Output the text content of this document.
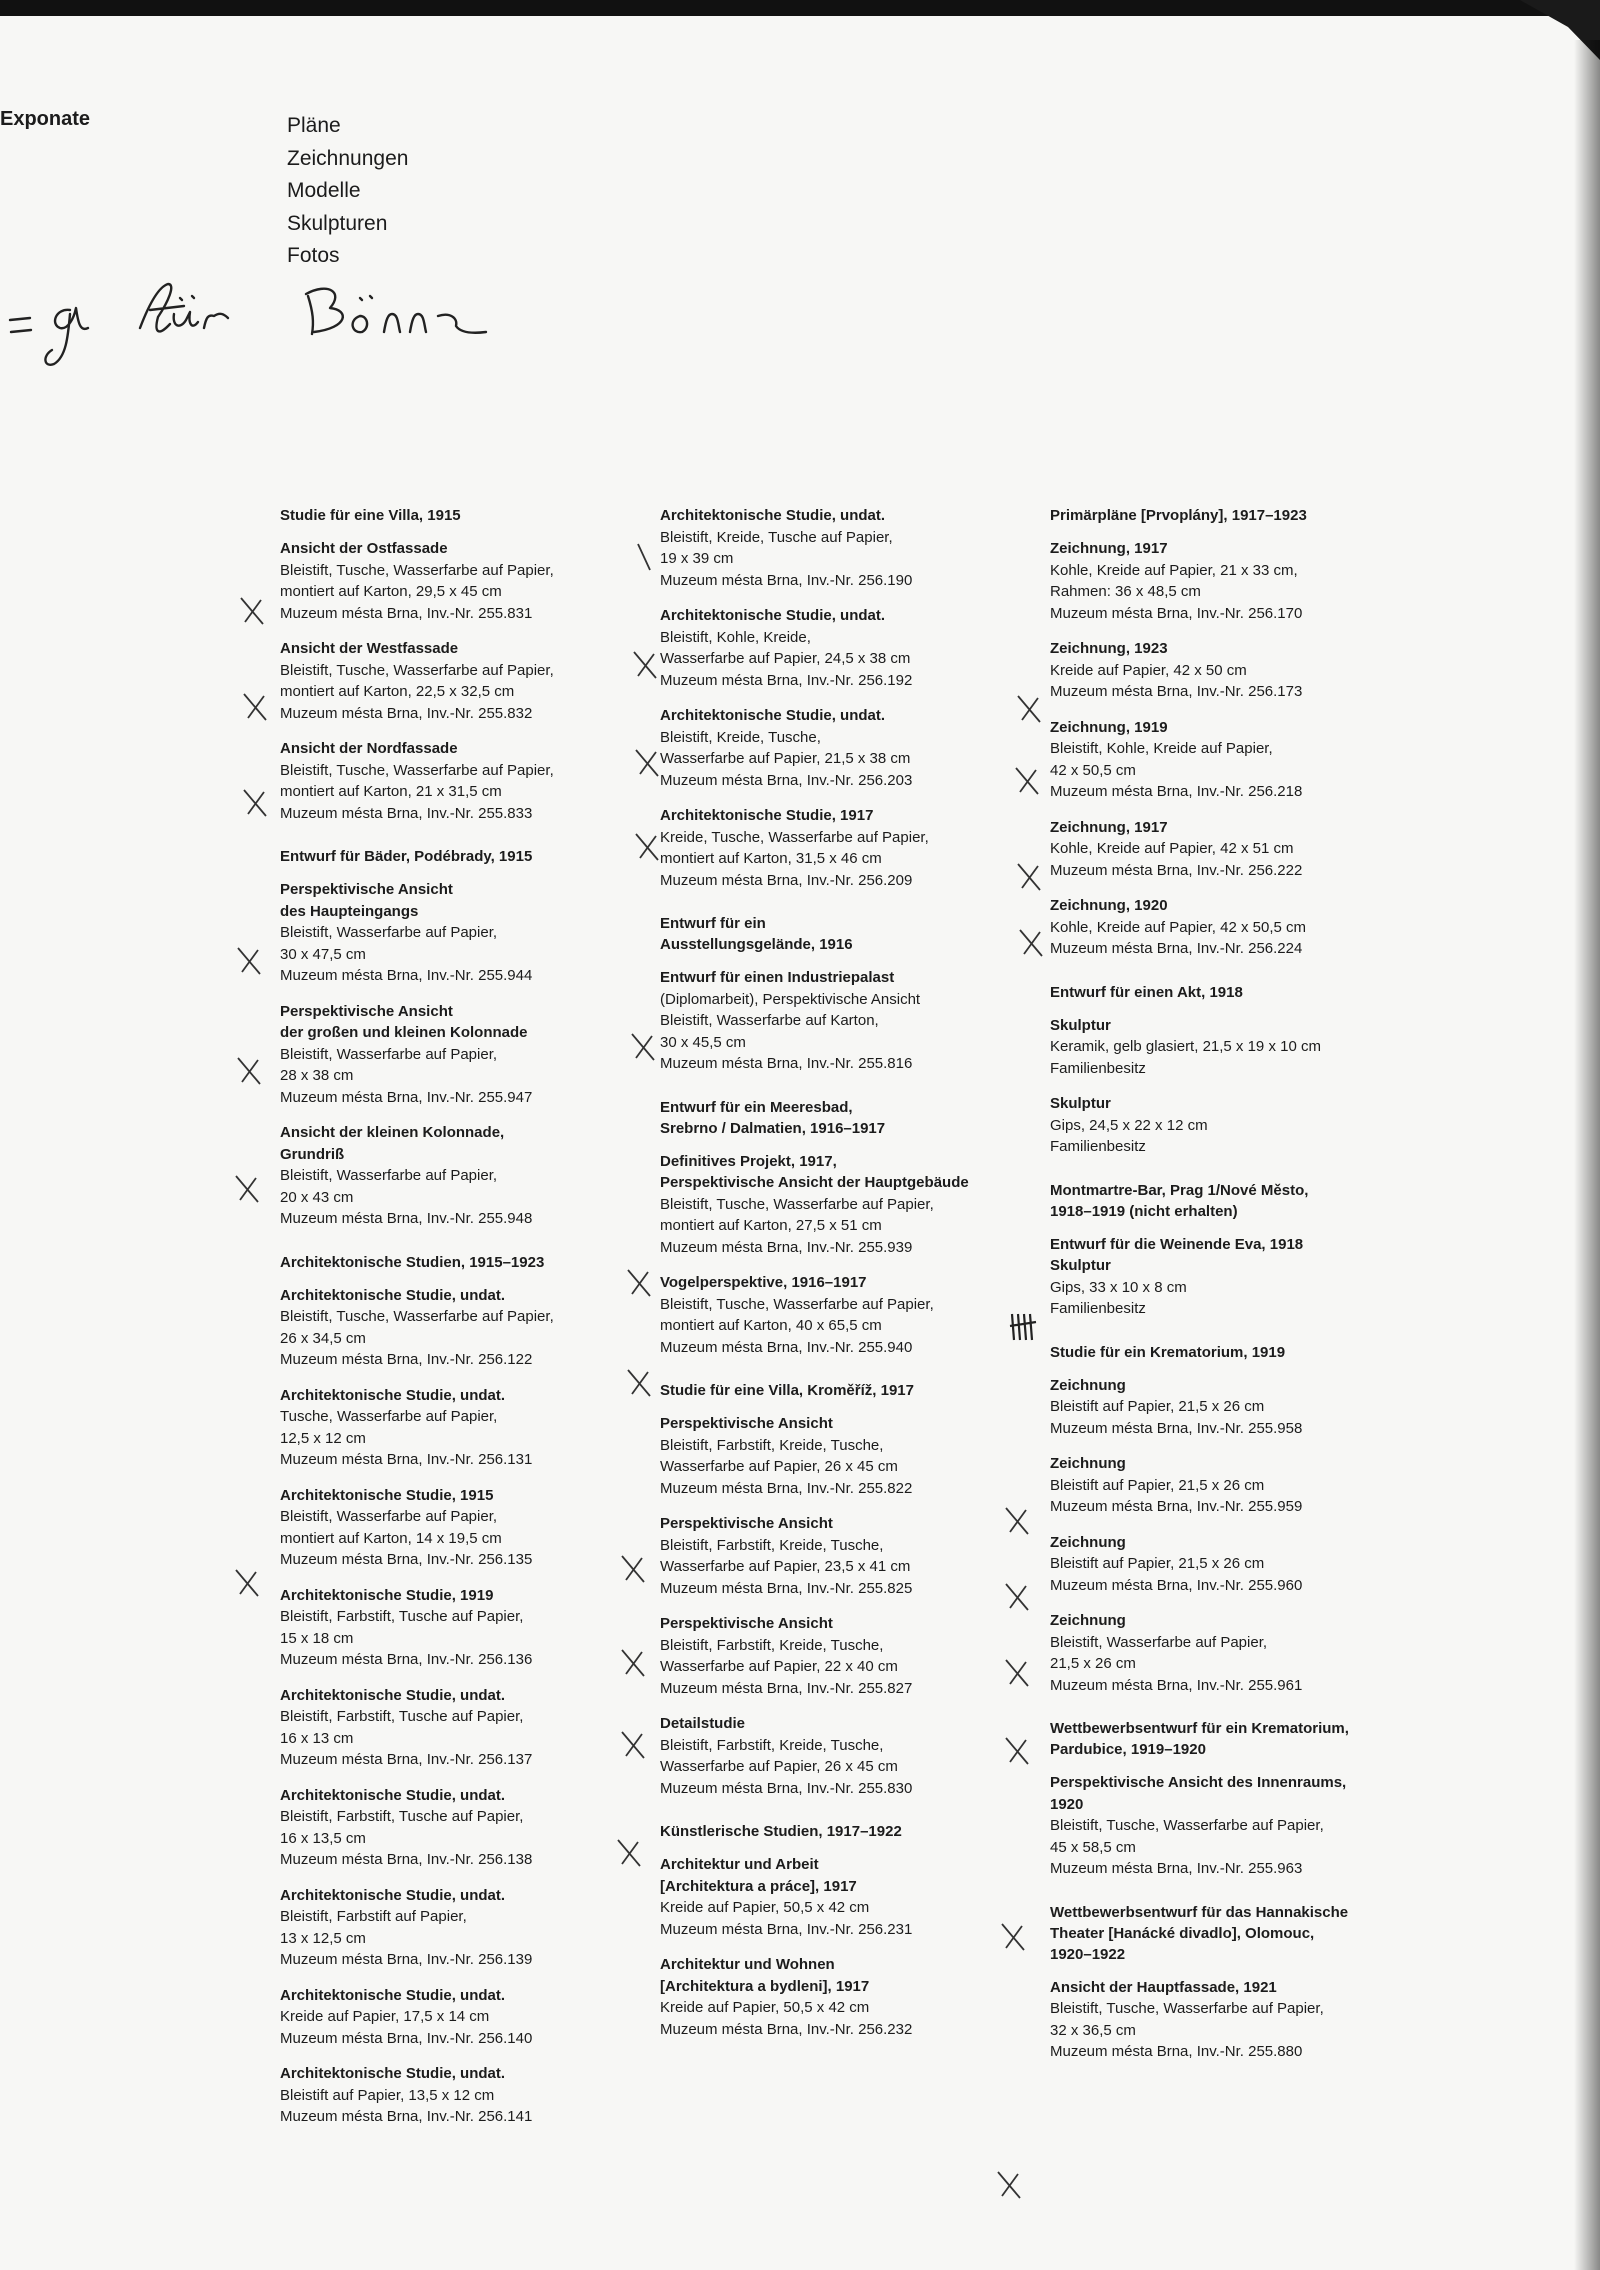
Exponate	Pläne
Zeichnungen
Modelle
Skulpturen
Fotos
Studie für eine Villa, 1915
Ansicht der Ostfassade
Bleistift, Tusche, Wasserfarbe auf Papier,
montiert auf Karton, 29,5 x 45 cm
Muzeum mésta Brna, Inv.-Nr. 255.831
Ansicht der Westfassade
Bleistift, Tusche, Wasserfarbe auf Papier,
montiert auf Karton, 22,5 x 32,5 cm
Muzeum mésta Brna, Inv.-Nr. 255.832
Ansicht der Nordfassade
Bleistift, Tusche, Wasserfarbe auf Papier,
montiert auf Karton, 21 x 31,5 cm
Muzeum mésta Brna, Inv.-Nr. 255.833
Entwurf für Bäder, Podébrady, 1915
Perspektivische Ansicht
des Haupteingangs
Bleistift, Wasserfarbe auf Papier,
30 x 47,5 cm
Muzeum mésta Brna, Inv.-Nr. 255.944
Perspektivische Ansicht
der großen und kleinen Kolonnade
Bleistift, Wasserfarbe auf Papier,
28 x 38 cm
Muzeum mésta Brna, Inv.-Nr. 255.947
Ansicht der kleinen Kolonnade,
Grundriß
Bleistift, Wasserfarbe auf Papier,
20 x 43 cm
Muzeum mésta Brna, Inv.-Nr. 255.948
Architektonische Studien, 1915–1923
Architektonische Studie, undat.
Bleistift, Tusche, Wasserfarbe auf Papier,
26 x 34,5 cm
Muzeum mésta Brna, Inv.-Nr. 256.122
Architektonische Studie, undat.
Tusche, Wasserfarbe auf Papier,
12,5 x 12 cm
Muzeum mésta Brna, Inv.-Nr. 256.131
Architektonische Studie, 1915
Bleistift, Wasserfarbe auf Papier,
montiert auf Karton, 14 x 19,5 cm
Muzeum mésta Brna, Inv.-Nr. 256.135
Architektonische Studie, 1919
Bleistift, Farbstift, Tusche auf Papier,
15 x 18 cm
Muzeum mésta Brna, Inv.-Nr. 256.136
Architektonische Studie, undat.
Bleistift, Farbstift, Tusche auf Papier,
16 x 13 cm
Muzeum mésta Brna, Inv.-Nr. 256.137
Architektonische Studie, undat.
Bleistift, Farbstift, Tusche auf Papier,
16 x 13,5 cm
Muzeum mésta Brna, Inv.-Nr. 256.138
Architektonische Studie, undat.
Bleistift, Farbstift auf Papier,
13 x 12,5 cm
Muzeum mésta Brna, Inv.-Nr. 256.139
Architektonische Studie, undat.
Kreide auf Papier, 17,5 x 14 cm
Muzeum mésta Brna, Inv.-Nr. 256.140
Architektonische Studie, undat.
Bleistift auf Papier, 13,5 x 12 cm
Muzeum mésta Brna, Inv.-Nr. 256.141
Architektonische Studie, undat.
Bleistift, Kreide, Tusche auf Papier,
19 x 39 cm
Muzeum mésta Brna, Inv.-Nr. 256.190
Architektonische Studie, undat.
Bleistift, Kohle, Kreide,
Wasserfarbe auf Papier, 24,5 x 38 cm
Muzeum mésta Brna, Inv.-Nr. 256.192
Architektonische Studie, undat.
Bleistift, Kreide, Tusche,
Wasserfarbe auf Papier, 21,5 x 38 cm
Muzeum mésta Brna, Inv.-Nr. 256.203
Architektonische Studie, 1917
Kreide, Tusche, Wasserfarbe auf Papier,
montiert auf Karton, 31,5 x 46 cm
Muzeum mésta Brna, Inv.-Nr. 256.209
Entwurf für ein
Ausstellungsgelände, 1916
Entwurf für einen Industriepalast
(Diplomarbeit), Perspektivische Ansicht
Bleistift, Wasserfarbe auf Karton,
30 x 45,5 cm
Muzeum mésta Brna, Inv.-Nr. 255.816
Entwurf für ein Meeresbad,
Srebrno / Dalmatien, 1916–1917
Definitives Projekt, 1917,
Perspektivische Ansicht der Hauptgebäude
Bleistift, Tusche, Wasserfarbe auf Papier,
montiert auf Karton, 27,5 x 51 cm
Muzeum mésta Brna, Inv.-Nr. 255.939
Vogelperspektive, 1916–1917
Bleistift, Tusche, Wasserfarbe auf Papier,
montiert auf Karton, 40 x 65,5 cm
Muzeum mésta Brna, Inv.-Nr. 255.940
Studie für eine Villa, Kroměříž, 1917
Perspektivische Ansicht
Bleistift, Farbstift, Kreide, Tusche,
Wasserfarbe auf Papier, 26 x 45 cm
Muzeum mésta Brna, Inv.-Nr. 255.822
Perspektivische Ansicht
Bleistift, Farbstift, Kreide, Tusche,
Wasserfarbe auf Papier, 23,5 x 41 cm
Muzeum mésta Brna, Inv.-Nr. 255.825
Perspektivische Ansicht
Bleistift, Farbstift, Kreide, Tusche,
Wasserfarbe auf Papier, 22 x 40 cm
Muzeum mésta Brna, Inv.-Nr. 255.827
Detailstudie
Bleistift, Farbstift, Kreide, Tusche,
Wasserfarbe auf Papier, 26 x 45 cm
Muzeum mésta Brna, Inv.-Nr. 255.830
Künstlerische Studien, 1917–1922
Architektur und Arbeit
[Architektura a práce], 1917
Kreide auf Papier, 50,5 x 42 cm
Muzeum mésta Brna, Inv.-Nr. 256.231
Architektur und Wohnen
[Architektura a bydleni], 1917
Kreide auf Papier, 50,5 x 42 cm
Muzeum mésta Brna, Inv.-Nr. 256.232
Primärpläne [Prvoplány], 1917–1923
Zeichnung, 1917
Kohle, Kreide auf Papier, 21 x 33 cm,
Rahmen: 36 x 48,5 cm
Muzeum mésta Brna, Inv.-Nr. 256.170
Zeichnung, 1923
Kreide auf Papier, 42 x 50 cm
Muzeum mésta Brna, Inv.-Nr. 256.173
Zeichnung, 1919
Bleistift, Kohle, Kreide auf Papier,
42 x 50,5 cm
Muzeum mésta Brna, Inv.-Nr. 256.218
Zeichnung, 1917
Kohle, Kreide auf Papier, 42 x 51 cm
Muzeum mésta Brna, Inv.-Nr. 256.222
Zeichnung, 1920
Kohle, Kreide auf Papier, 42 x 50,5 cm
Muzeum mésta Brna, Inv.-Nr. 256.224
Entwurf für einen Akt, 1918
Skulptur
Keramik, gelb glasiert, 21,5 x 19 x 10 cm
Familienbesitz
Skulptur
Gips, 24,5 x 22 x 12 cm
Familienbesitz
Montmartre-Bar, Prag 1/Nové Město,
1918–1919 (nicht erhalten)
Entwurf für die Weinende Eva, 1918
Skulptur
Gips, 33 x 10 x 8 cm
Familienbesitz
Studie für ein Krematorium, 1919
Zeichnung
Bleistift auf Papier, 21,5 x 26 cm
Muzeum mésta Brna, Inv.-Nr. 255.958
Zeichnung
Bleistift auf Papier, 21,5 x 26 cm
Muzeum mésta Brna, Inv.-Nr. 255.959
Zeichnung
Bleistift auf Papier, 21,5 x 26 cm
Muzeum mésta Brna, Inv.-Nr. 255.960
Zeichnung
Bleistift, Wasserfarbe auf Papier,
21,5 x 26 cm
Muzeum mésta Brna, Inv.-Nr. 255.961
Wettbewerbsentwurf für ein Krematorium,
Pardubice, 1919–1920
Perspektivische Ansicht des Innenraums,
1920
Bleistift, Tusche, Wasserfarbe auf Papier,
45 x 58,5 cm
Muzeum mésta Brna, Inv.-Nr. 255.963
Wettbewerbsentwurf für das Hannakische
Theater [Hanácké divadlo], Olomouc,
1920–1922
Ansicht der Hauptfassade, 1921
Bleistift, Tusche, Wasserfarbe auf Papier,
32 x 36,5 cm
Muzeum mésta Brna, Inv.-Nr. 255.880
